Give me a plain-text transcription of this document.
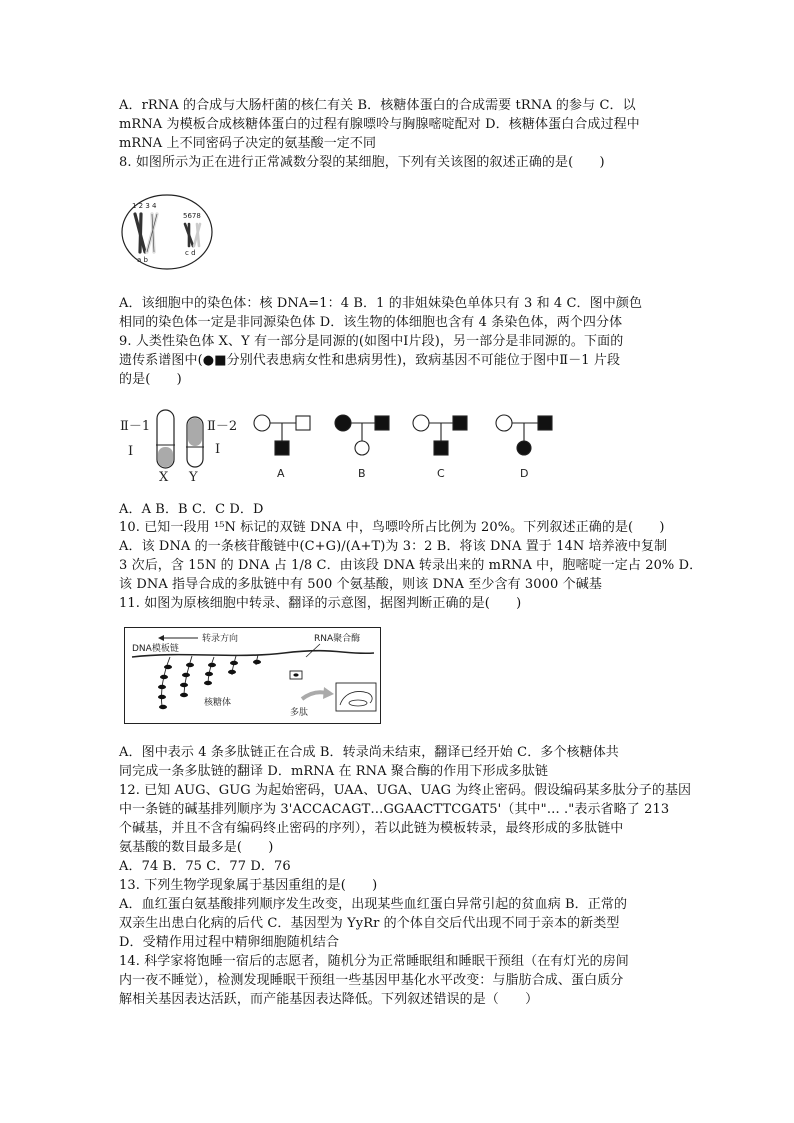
A．rRNA 的合成与大肠杆菌的核仁有关 B．核糖体蛋白的合成需要 tRNA 的参与 C．以
mRNA 为模板合成核糖体蛋白的过程有腺嘌呤与胸腺嘧啶配对 D．核糖体蛋白合成过程中
mRNA 上不同密码子决定的氨基酸一定不同
8. 如图所示为正在进行正常减数分裂的某细胞，下列有关该图的叙述正确的是(　　)
1 2 3 4
5678
a b
c d
A．该细胞中的染色体：核 DNA=1：4 B．1 的非姐妹染色单体只有 3 和 4 C．图中颜色
相同的染色体一定是非同源染色体 D．该生物的体细胞也含有 4 条染色体，两个四分体
9. 人类性染色体 X、Y 有一部分是同源的(如图中Ⅰ片段)，另一部分是非同源的。下面的
遗传系谱图中(●■分别代表患病女性和患病男性)，致病基因不可能位于图中Ⅱ－1 片段
的是(　　)
Ⅱ－1
Ⅰ
X Y
Ⅱ－2
Ⅰ
A	B	C	D
A．A B．B C．C D．D
10. 已知一段用 ¹⁵N 标记的双链 DNA 中，鸟嘌呤所占比例为 20%。下列叙述正确的是(　　)
A．该 DNA 的一条核苷酸链中(C+G)/(A+T)为 3：2 B．将该 DNA 置于 14N 培养液中复制
3 次后，含 15N 的 DNA 占 1/8 C．由该段 DNA 转录出来的 mRNA 中，胞嘧啶一定占 20% D．
该 DNA 指导合成的多肽链中有 500 个氨基酸，则该 DNA 至少含有 3000 个碱基
11. 如图为原核细胞中转录、翻译的示意图，据图判断正确的是(　　)
DNA模板链
转录方向	RNA聚合酶
核糖体
多肽
A．图中表示 4 条多肽链正在合成 B．转录尚未结束，翻译已经开始 C．多个核糖体共
同完成一条多肽链的翻译 D．mRNA 在 RNA 聚合酶的作用下形成多肽链
12. 已知 AUG、GUG 为起始密码，UAA、UGA、UAG 为终止密码。假设编码某多肽分子的基因
中一条链的碱基排列顺序为 3'ACCACAGT…GGAACTTCGAT5'（其中"… ."表示省略了 213
个碱基，并且不含有编码终止密码的序列），若以此链为模板转录，最终形成的多肽链中
氨基酸的数目最多是(　　)
A．74 B．75 C．77 D．76
13. 下列生物学现象属于基因重组的是(　　)
A．血红蛋白氨基酸排列顺序发生改变，出现某些血红蛋白异常引起的贫血病 B．正常的
双亲生出患白化病的后代 C．基因型为 YyRr 的个体自交后代出现不同于亲本的新类型
D．受精作用过程中精卵细胞随机结合
14. 科学家将饱睡一宿后的志愿者，随机分为正常睡眠组和睡眠干预组（在有灯光的房间
内一夜不睡觉），检测发现睡眠干预组一些基因甲基化水平改变：与脂肪合成、蛋白质分
解相关基因表达活跃，而产能基因表达降低。下列叙述错误的是（　　）
